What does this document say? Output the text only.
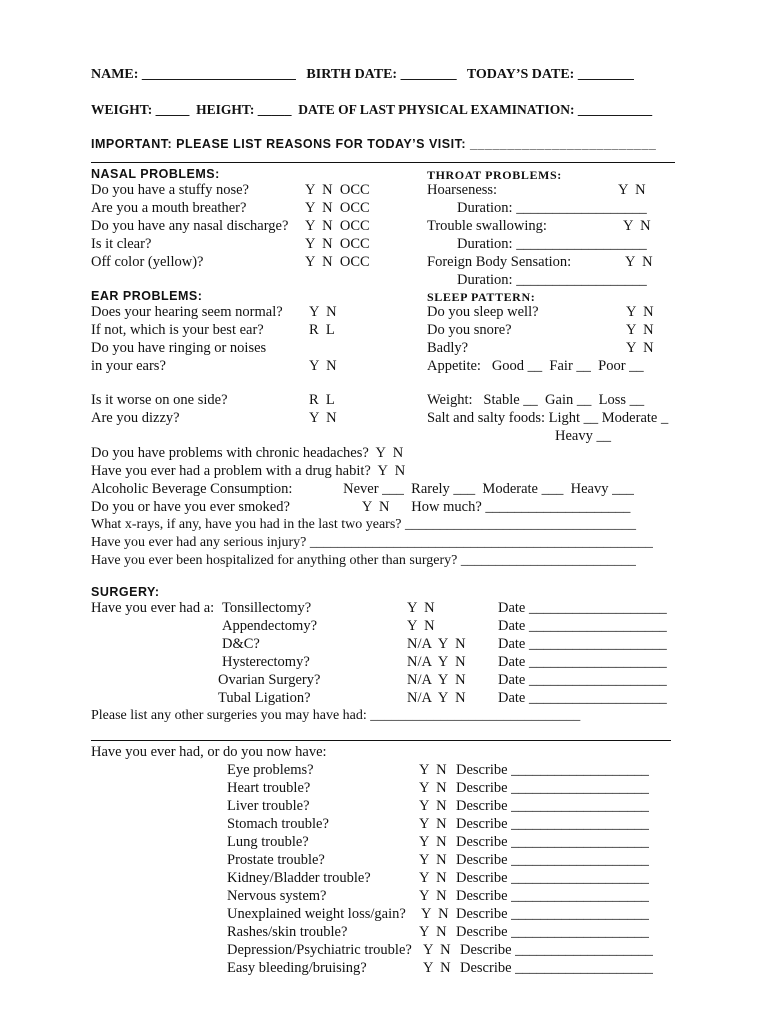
NAME: ______________________   BIRTH DATE: ________   TODAY’S DATE: ________
WEIGHT: _____  HEIGHT: _____  DATE OF LAST PHYSICAL EXAMINATION: ___________
IMPORTANT: PLEASE LIST REASONS FOR TODAY’S VISIT: _________________________
NASAL PROBLEMS:
Do you have a stuffy nose?	Y  N  OCC
Are you a mouth breather?	Y  N  OCC
Do you have any nasal discharge? Y  N  OCC
Is it clear?	Y  N  OCC
Off color (yellow)?	Y  N  OCC
THROAT PROBLEMS:
Hoarseness:	Y  N
Duration: __________________
Trouble swallowing:	Y  N
Duration: __________________
Foreign Body Sensation:	Y  N
Duration: __________________
EAR PROBLEMS:
Does your hearing seem normal? Y  N
If not, which is your best ear?	R  L
Do you have ringing or noises
in your ears?	Y  N
Is it worse on one side?	R  L
Are you dizzy?	Y  N
SLEEP PATTERN:
Do you sleep well?	Y  N
Do you snore?	Y  N
Badly?	Y  N
Appetite:   Good __  Fair __  Poor __
Weight:   Stable __  Gain __  Loss __
Salt and salty foods: Light __ Moderate _
Heavy __
Do you have problems with chronic headaches?  Y  N
Have you ever had a problem with a drug habit?  Y  N
Alcoholic Beverage Consumption:              Never ___  Rarely ___  Moderate ___  Heavy ___
Do you or have you ever smoked?                    Y  N      How much? ____________________
What x-rays, if any, have you had in the last two years? _________________________________
Have you ever had any serious injury? _________________________________________________
Have you ever been hospitalized for anything other than surgery? _________________________
SURGERY:
Have you ever had a: Tonsillectomy?	Y  N	Date ___________________
Appendectomy?	Y  N	Date ___________________
D&C?	N/A  Y  N Date ___________________
Hysterectomy?	N/A  Y  N Date ___________________
Ovarian Surgery?	N/A  Y  N Date ___________________
Tubal Ligation?	N/A  Y  N Date ___________________
Please list any other surgeries you may have had: ______________________________
Have you ever had, or do you now have:
Eye problems?	Y  N Describe ___________________
Heart trouble?	Y  N Describe ___________________
Liver trouble?	Y  N Describe ___________________
Stomach trouble?	Y  N Describe ___________________
Lung trouble?	Y  N Describe ___________________
Prostate trouble?	Y  N Describe ___________________
Kidney/Bladder trouble?	Y  N Describe ___________________
Nervous system?	Y  N Describe ___________________
Unexplained weight loss/gain? Y  N Describe ___________________
Rashes/skin trouble?	Y  N Describe ___________________
Depression/Psychiatric trouble? Y  N Describe ___________________
Easy bleeding/bruising?	Y  N Describe ___________________
